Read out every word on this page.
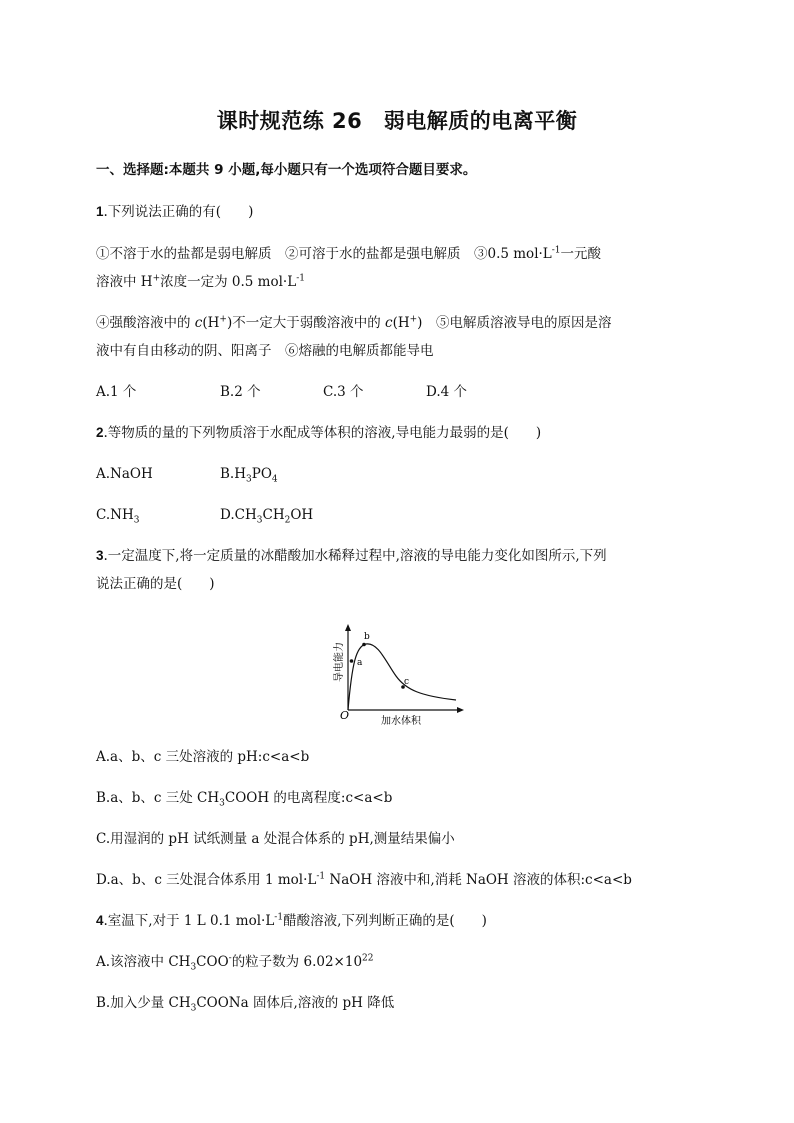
课时规范练 26　弱电解质的电离平衡
一、选择题:本题共 9 小题,每小题只有一个选项符合题目要求。
1.下列说法正确的有(　　)
①不溶于水的盐都是弱电解质　②可溶于水的盐都是强电解质　③0.5 $mol\cdot L^{-1}$一元酸
溶液中 H+浓度一定为 0.5 $mol\cdot L^{-1}$
④强酸溶液中的 c(H+)不一定大于弱酸溶液中的 c(H+)　⑤电解质溶液导电的原因是溶
液中有自由移动的阴、阳离子　⑥熔融的电解质都能导电
A.1 个	B.2 个	C.3 个	D.4 个
2.等物质的量的下列物质溶于水配成等体积的溶液,导电能力最弱的是(　　)
A.NaOH	$B.H_3PO_4$
$C.NH_3$	$D.CH_3CH_2OH$
3.一定温度下,将一定质量的冰醋酸加水稀释过程中,溶液的导电能力变化如图所示,下列
说法正确的是(　　)
a
b
c
O	加水体积
导电能力
A.a、b、c 三处溶液的 pH:c<a<b
B.a、b、c 三处 $CH_3COOH$ 的电离程度:c<a<b
C.用湿润的 pH 试纸测量 a 处混合体系的 pH,测量结果偏小
D.a、b、c 三处混合体系用 1 $mol\cdot L^{-1}$ NaOH 溶液中和,消耗 NaOH 溶液的体积:c<a<b
4.室温下,对于 1 L 0.1 $mol\cdot L^{-1}$醋酸溶液,下列判断正确的是(　　)
A.该溶液中 $CH_3COO^-$的粒子数为 $6.02\times 10^{22}$
B.加入少量 $CH_3COONa$ 固体后,溶液的 pH 降低
